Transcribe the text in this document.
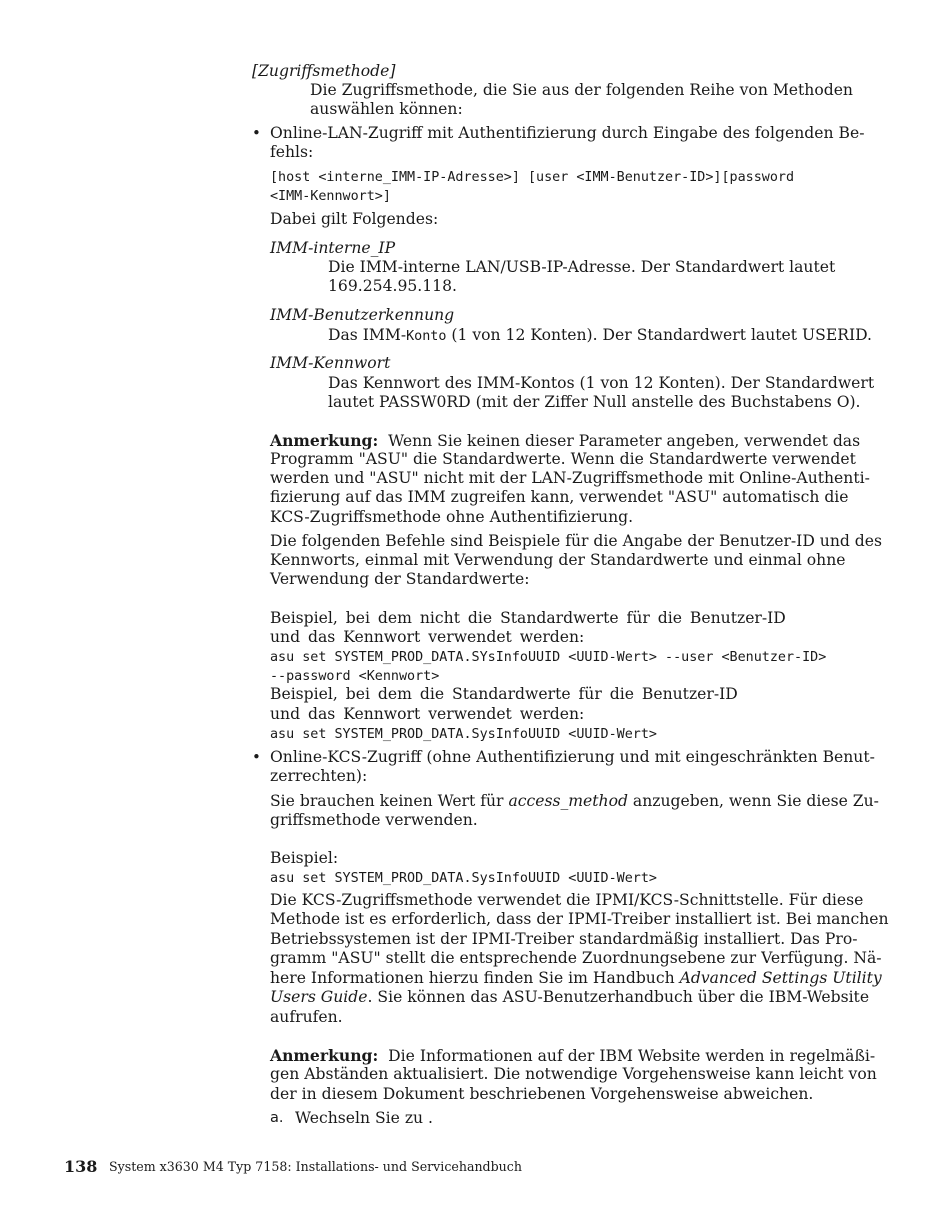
[Zugriffsmethode]
Die Zugriffsmethode, die Sie aus der folgenden Reihe von Methoden
auswählen können:
• Online-LAN-Zugriff mit Authentifizierung durch Eingabe des folgenden Be-
fehls:
[host <interne_IMM-IP-Adresse>] [user <IMM-Benutzer-ID>][password
<IMM-Kennwort>]
Dabei gilt Folgendes:
IMM-interne_IP
Die IMM-interne LAN/USB-IP-Adresse. Der Standardwert lautet
169.254.95.118.
IMM-Benutzerkennung
Das IMM-Konto (1 von 12 Konten). Der Standardwert lautet USERID.
IMM-Kennwort
Das Kennwort des IMM-Kontos (1 von 12 Konten). Der Standardwert
lautet PASSW0RD (mit der Ziffer Null anstelle des Buchstabens O).
Anmerkung: Wenn Sie keinen dieser Parameter angeben, verwendet das
Programm "ASU" die Standardwerte. Wenn die Standardwerte verwendet
werden und "ASU" nicht mit der LAN-Zugriffsmethode mit Online-Authenti-
fizierung auf das IMM zugreifen kann, verwendet "ASU" automatisch die
KCS-Zugriffsmethode ohne Authentifizierung.
Die folgenden Befehle sind Beispiele für die Angabe der Benutzer-ID und des
Kennworts, einmal mit Verwendung der Standardwerte und einmal ohne
Verwendung der Standardwerte:
Beispiel, bei dem nicht die Standardwerte für die Benutzer-ID
und das Kennwort verwendet werden:
asu set SYSTEM_PROD_DATA.SYsInfoUUID <UUID-Wert> --user <Benutzer-ID>
--password <Kennwort>
Beispiel, bei dem die Standardwerte für die Benutzer-ID
und das Kennwort verwendet werden:
asu set SYSTEM_PROD_DATA.SysInfoUUID <UUID-Wert>
• Online-KCS-Zugriff (ohne Authentifizierung und mit eingeschränkten Benut-
zerrechten):
Sie brauchen keinen Wert für access_method anzugeben, wenn Sie diese Zu-
griffsmethode verwenden.
Beispiel:
asu set SYSTEM_PROD_DATA.SysInfoUUID <UUID-Wert>
Die KCS-Zugriffsmethode verwendet die IPMI/KCS-Schnittstelle. Für diese
Methode ist es erforderlich, dass der IPMI-Treiber installiert ist. Bei manchen
Betriebssystemen ist der IPMI-Treiber standardmäßig installiert. Das Pro-
gramm "ASU" stellt die entsprechende Zuordnungsebene zur Verfügung. Nä-
here Informationen hierzu finden Sie im Handbuch Advanced Settings Utility
Users Guide. Sie können das ASU-Benutzerhandbuch über die IBM-Website
aufrufen.
Anmerkung: Die Informationen auf der IBM Website werden in regelmäßi-
gen Abständen aktualisiert. Die notwendige Vorgehensweise kann leicht von
der in diesem Dokument beschriebenen Vorgehensweise abweichen.
a. Wechseln Sie zu .
138 System x3630 M4 Typ 7158: Installations- und Servicehandbuch
